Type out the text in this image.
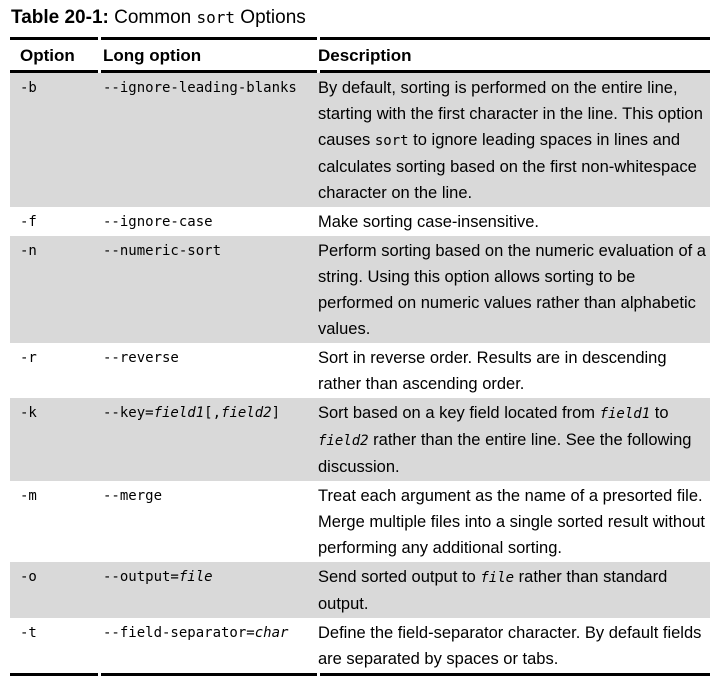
Table 20-1: Common sort Options
Option	Long option	Description
-b	--ignore-leading-blanks	By default, sorting is performed on the entire line, starting with the first character in the line. This option causes sort to ignore leading spaces in lines and calculates sorting based on the first non-whitespace character on the line.
-f	--ignore-case	Make sorting case-insensitive.
-n	--numeric-sort	Perform sorting based on the numeric evaluation of a string. Using this option allows sorting to be performed on numeric values rather than alphabetic values.
-r	--reverse	Sort in reverse order. Results are in descending rather than ascending order.
-k	--key=field1[,field2]	Sort based on a key field located from field1 to field2 rather than the entire line. See the following discussion.
-m	--merge	Treat each argument as the name of a presorted file. Merge multiple files into a single sorted result without performing any additional sorting.
-o	--output=file	Send sorted output to file rather than standard output.
-t	--field-separator=char	Define the field-separator character. By default fields are separated by spaces or tabs.
